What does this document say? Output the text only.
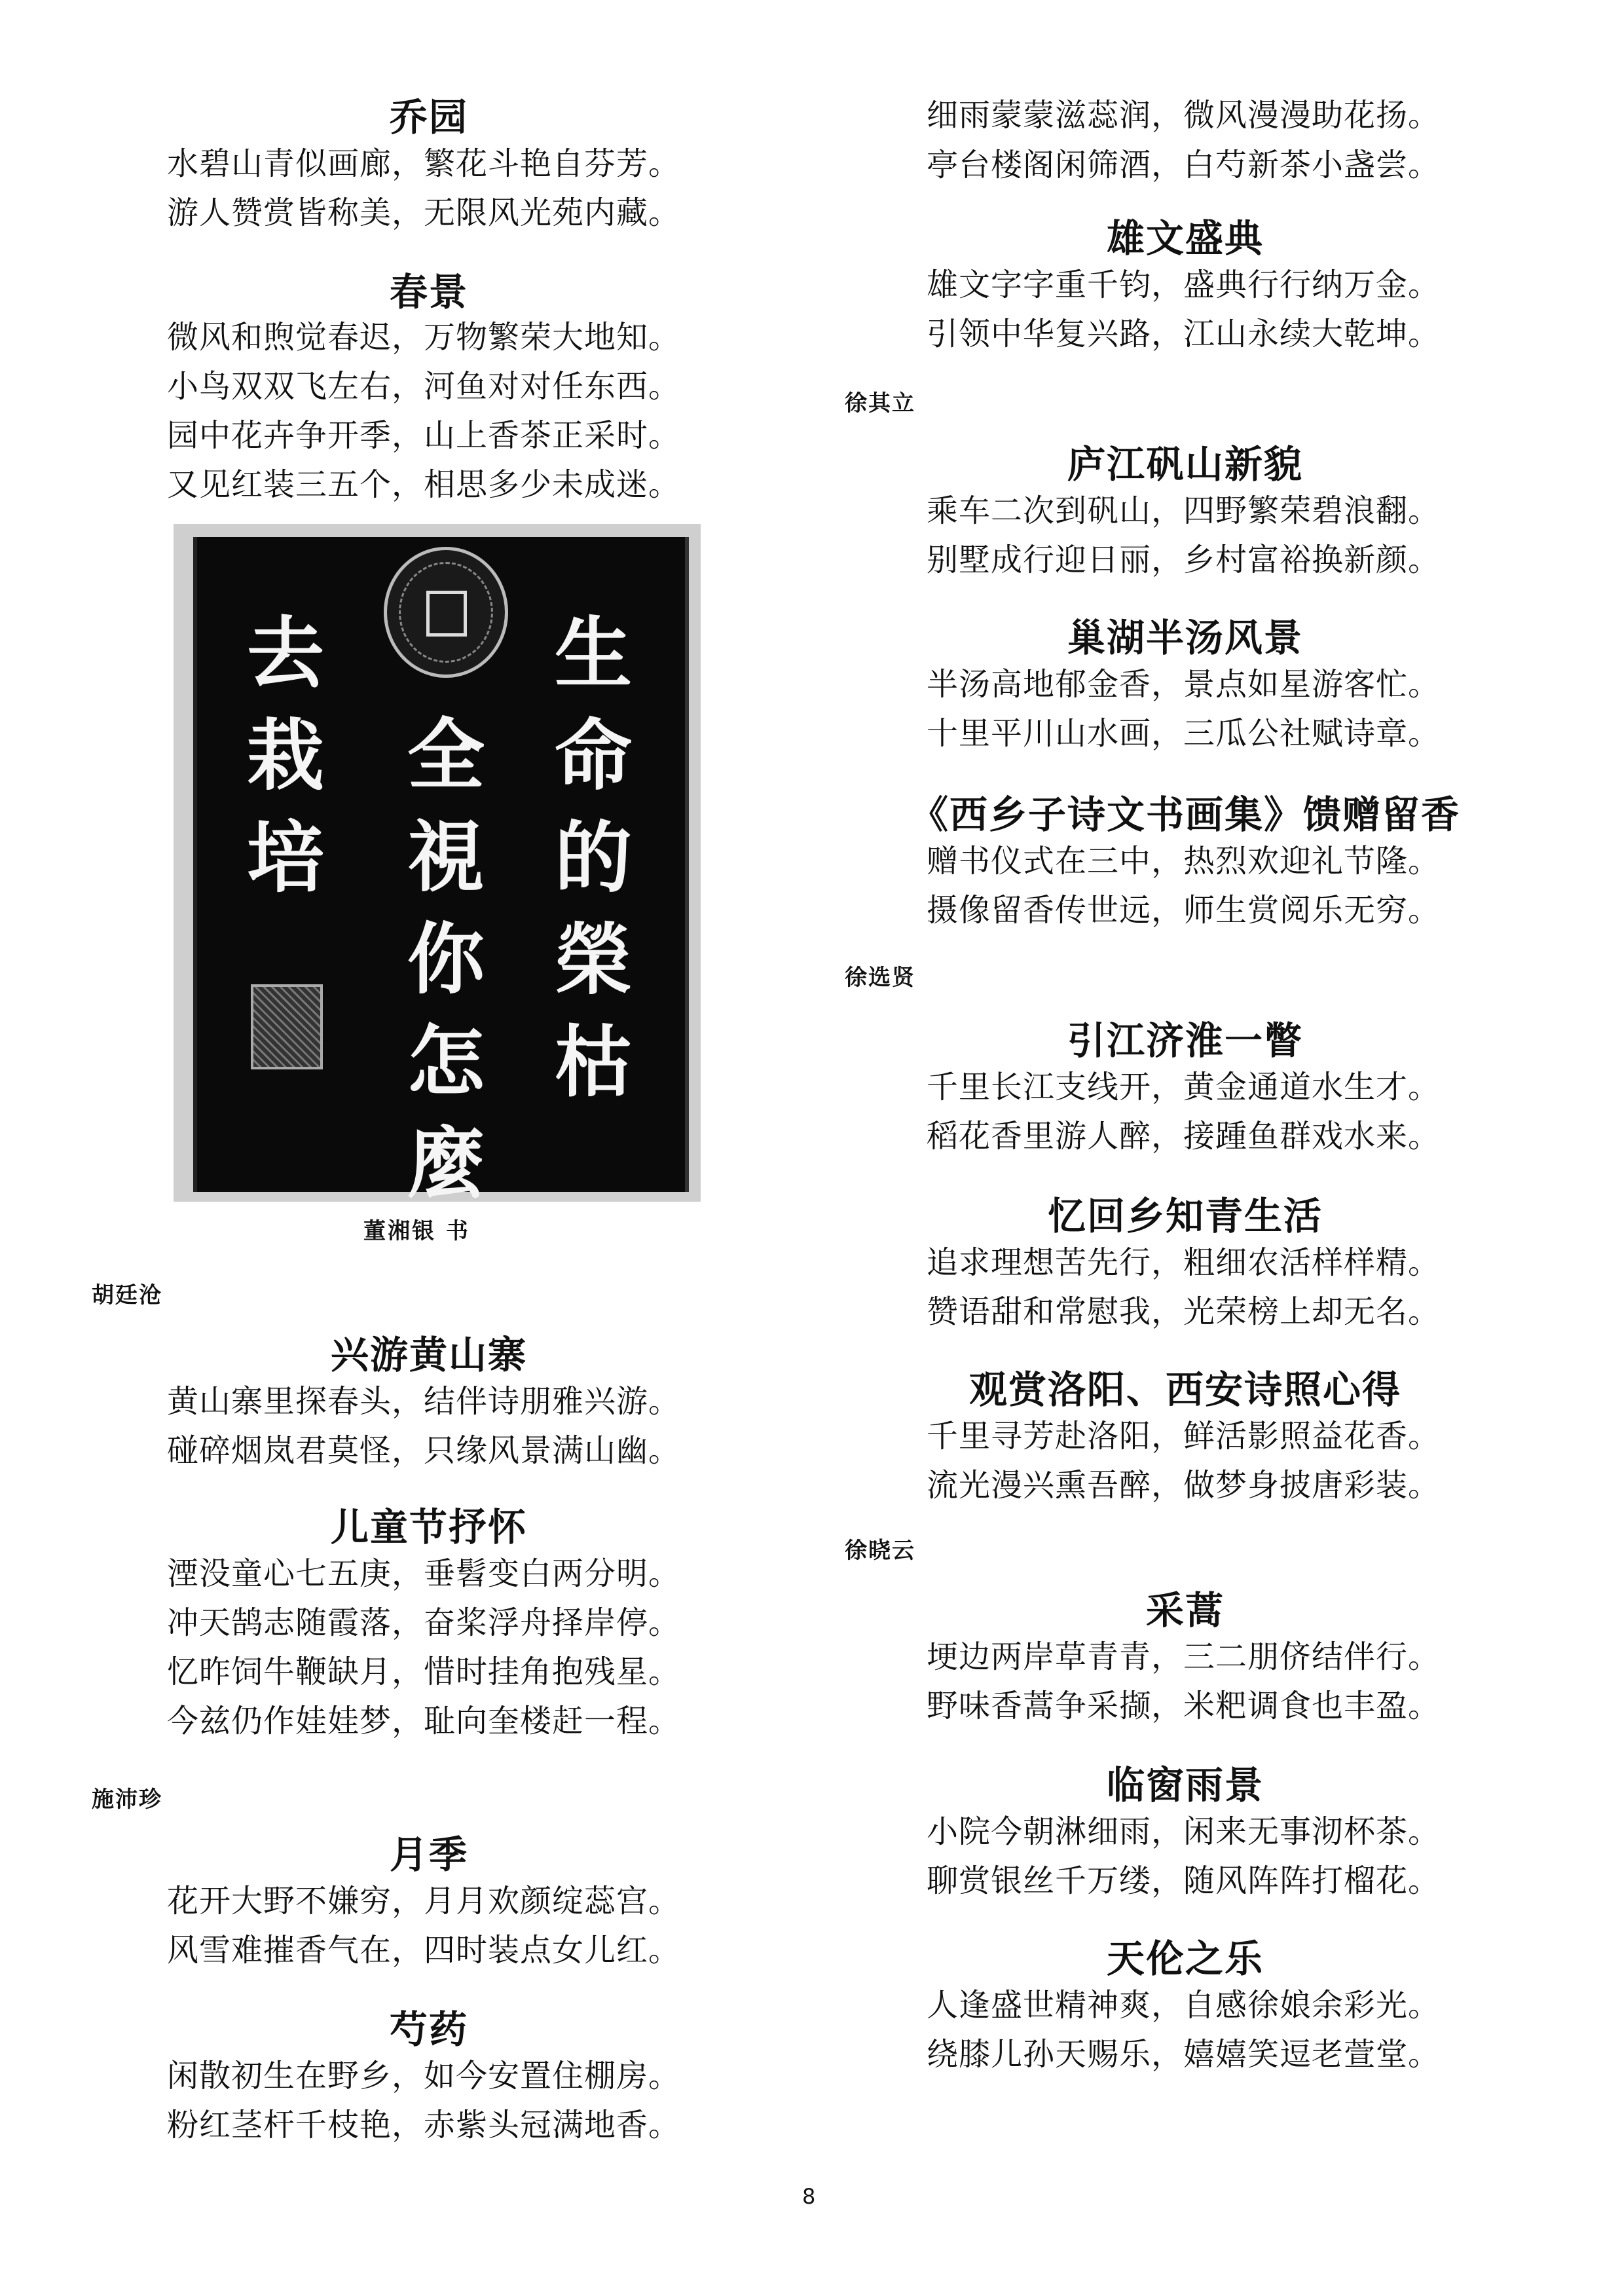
乔园
水碧山青似画廊，繁花斗艳自芬芳。
游人赞赏皆称美，无限风光苑内藏。
春景
微风和煦觉春迟，万物繁荣大地知。
小鸟双双飞左右，河鱼对对任东西。
园中花卉争开季，山上香茶正采时。
又见红装三五个，相思多少未成迷。
生
命
的
榮
枯
全
視
你
怎
麼
去
栽
培
董湘银 书
胡廷沧
兴游黄山寨
黄山寨里探春头，结伴诗朋雅兴游。
碰碎烟岚君莫怪，只缘风景满山幽。
儿童节抒怀
湮没童心七五庚，垂髫变白两分明。
冲天鹄志随霞落，奋桨浮舟择岸停。
忆昨饲牛鞭缺月，惜时挂角抱残星。
今兹仍作娃娃梦，耻向奎楼赶一程。
施沛珍
月季
花开大野不嫌穷，月月欢颜绽蕊宫。
风雪难摧香气在，四时装点女儿红。
芍药
闲散初生在野乡，如今安置住棚房。
粉红茎杆千枝艳，赤紫头冠满地香。
细雨蒙蒙滋蕊润，微风漫漫助花扬。
亭台楼阁闲筛酒，白芍新茶小盏尝。
雄文盛典
雄文字字重千钧，盛典行行纳万金。
引领中华复兴路，江山永续大乾坤。
徐其立
庐江矾山新貌
乘车二次到矾山，四野繁荣碧浪翻。
别墅成行迎日丽，乡村富裕换新颜。
巢湖半汤风景
半汤高地郁金香，景点如星游客忙。
十里平川山水画，三瓜公社赋诗章。
《西乡子诗文书画集》馈赠留香
赠书仪式在三中，热烈欢迎礼节隆。
摄像留香传世远，师生赏阅乐无穷。
徐选贤
引江济淮一瞥
千里长江支线开，黄金通道水生才。
稻花香里游人醉，接踵鱼群戏水来。
忆回乡知青生活
追求理想苦先行，粗细农活样样精。
赞语甜和常慰我，光荣榜上却无名。
观赏洛阳、西安诗照心得
千里寻芳赴洛阳，鲜活影照益花香。
流光漫兴熏吾醉，做梦身披唐彩装。
徐晓云
采蒿
埂边两岸草青青，三二朋侪结伴行。
野味香蒿争采撷，米粑调食也丰盈。
临窗雨景
小院今朝淋细雨，闲来无事沏杯茶。
聊赏银丝千万缕，随风阵阵打榴花。
天伦之乐
人逢盛世精神爽，自感徐娘余彩光。
绕膝儿孙天赐乐，嬉嬉笑逗老萱堂。
8
